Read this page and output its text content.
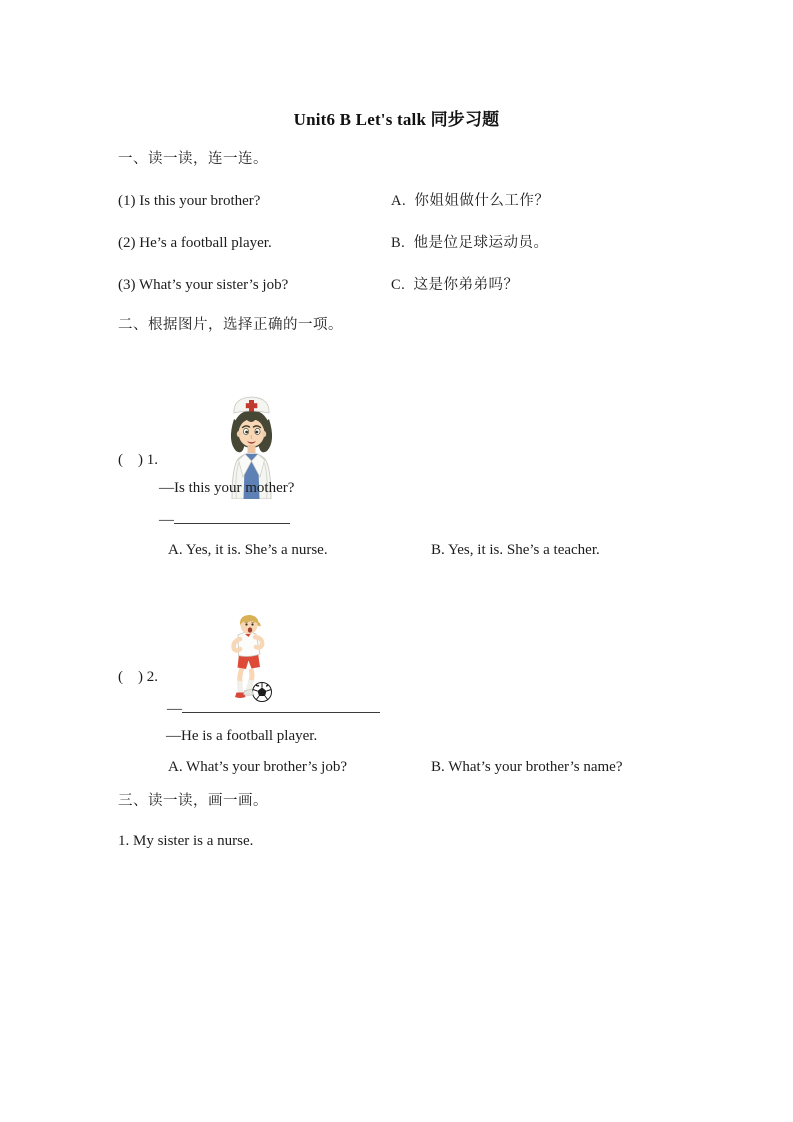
Unit6 B Let's talk 同步习题
一、读一读，连一连。
(1) Is this your brother?	A.  你姐姐做什么工作？
(2) He’s a football player.	B.  他是位足球运动员。
(3) What’s your sister’s job?	C.  这是你弟弟吗？
二、根据图片，选择正确的一项。

(    ) 1.
—Is this your mother?
—
A. Yes, it is. She’s a nurse.	B. Yes, it is. She’s a teacher.

(    ) 2.
—
—He is a football player.
A. What’s your brother’s job?	B. What’s your brother’s name?
三、读一读，画一画。
1. My sister is a nurse.
